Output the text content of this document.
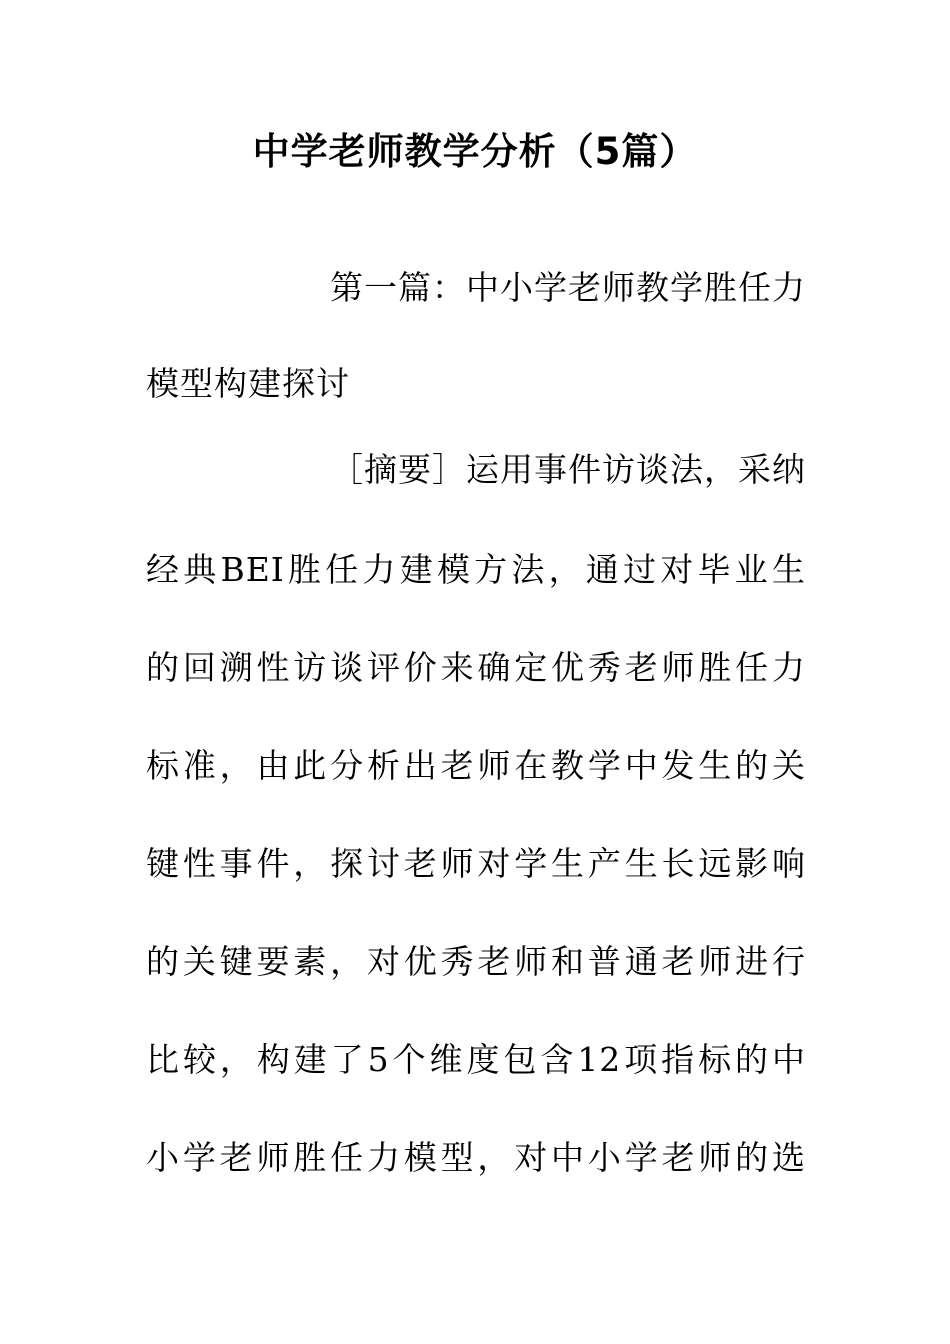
中学老师教学分析（5篇）

第一篇：中小学老师教学胜任力

模型构建探讨

［摘要］运用事件访谈法，采纳

经典BEI胜任力建模方法，通过对毕业生

的回溯性访谈评价来确定优秀老师胜任力

标准，由此分析出老师在教学中发生的关

键性事件，探讨老师对学生产生长远影响

的关键要素，对优秀老师和普通老师进行

比较，构建了5个维度包含12项指标的中

小学老师胜任力模型，对中小学老师的选
